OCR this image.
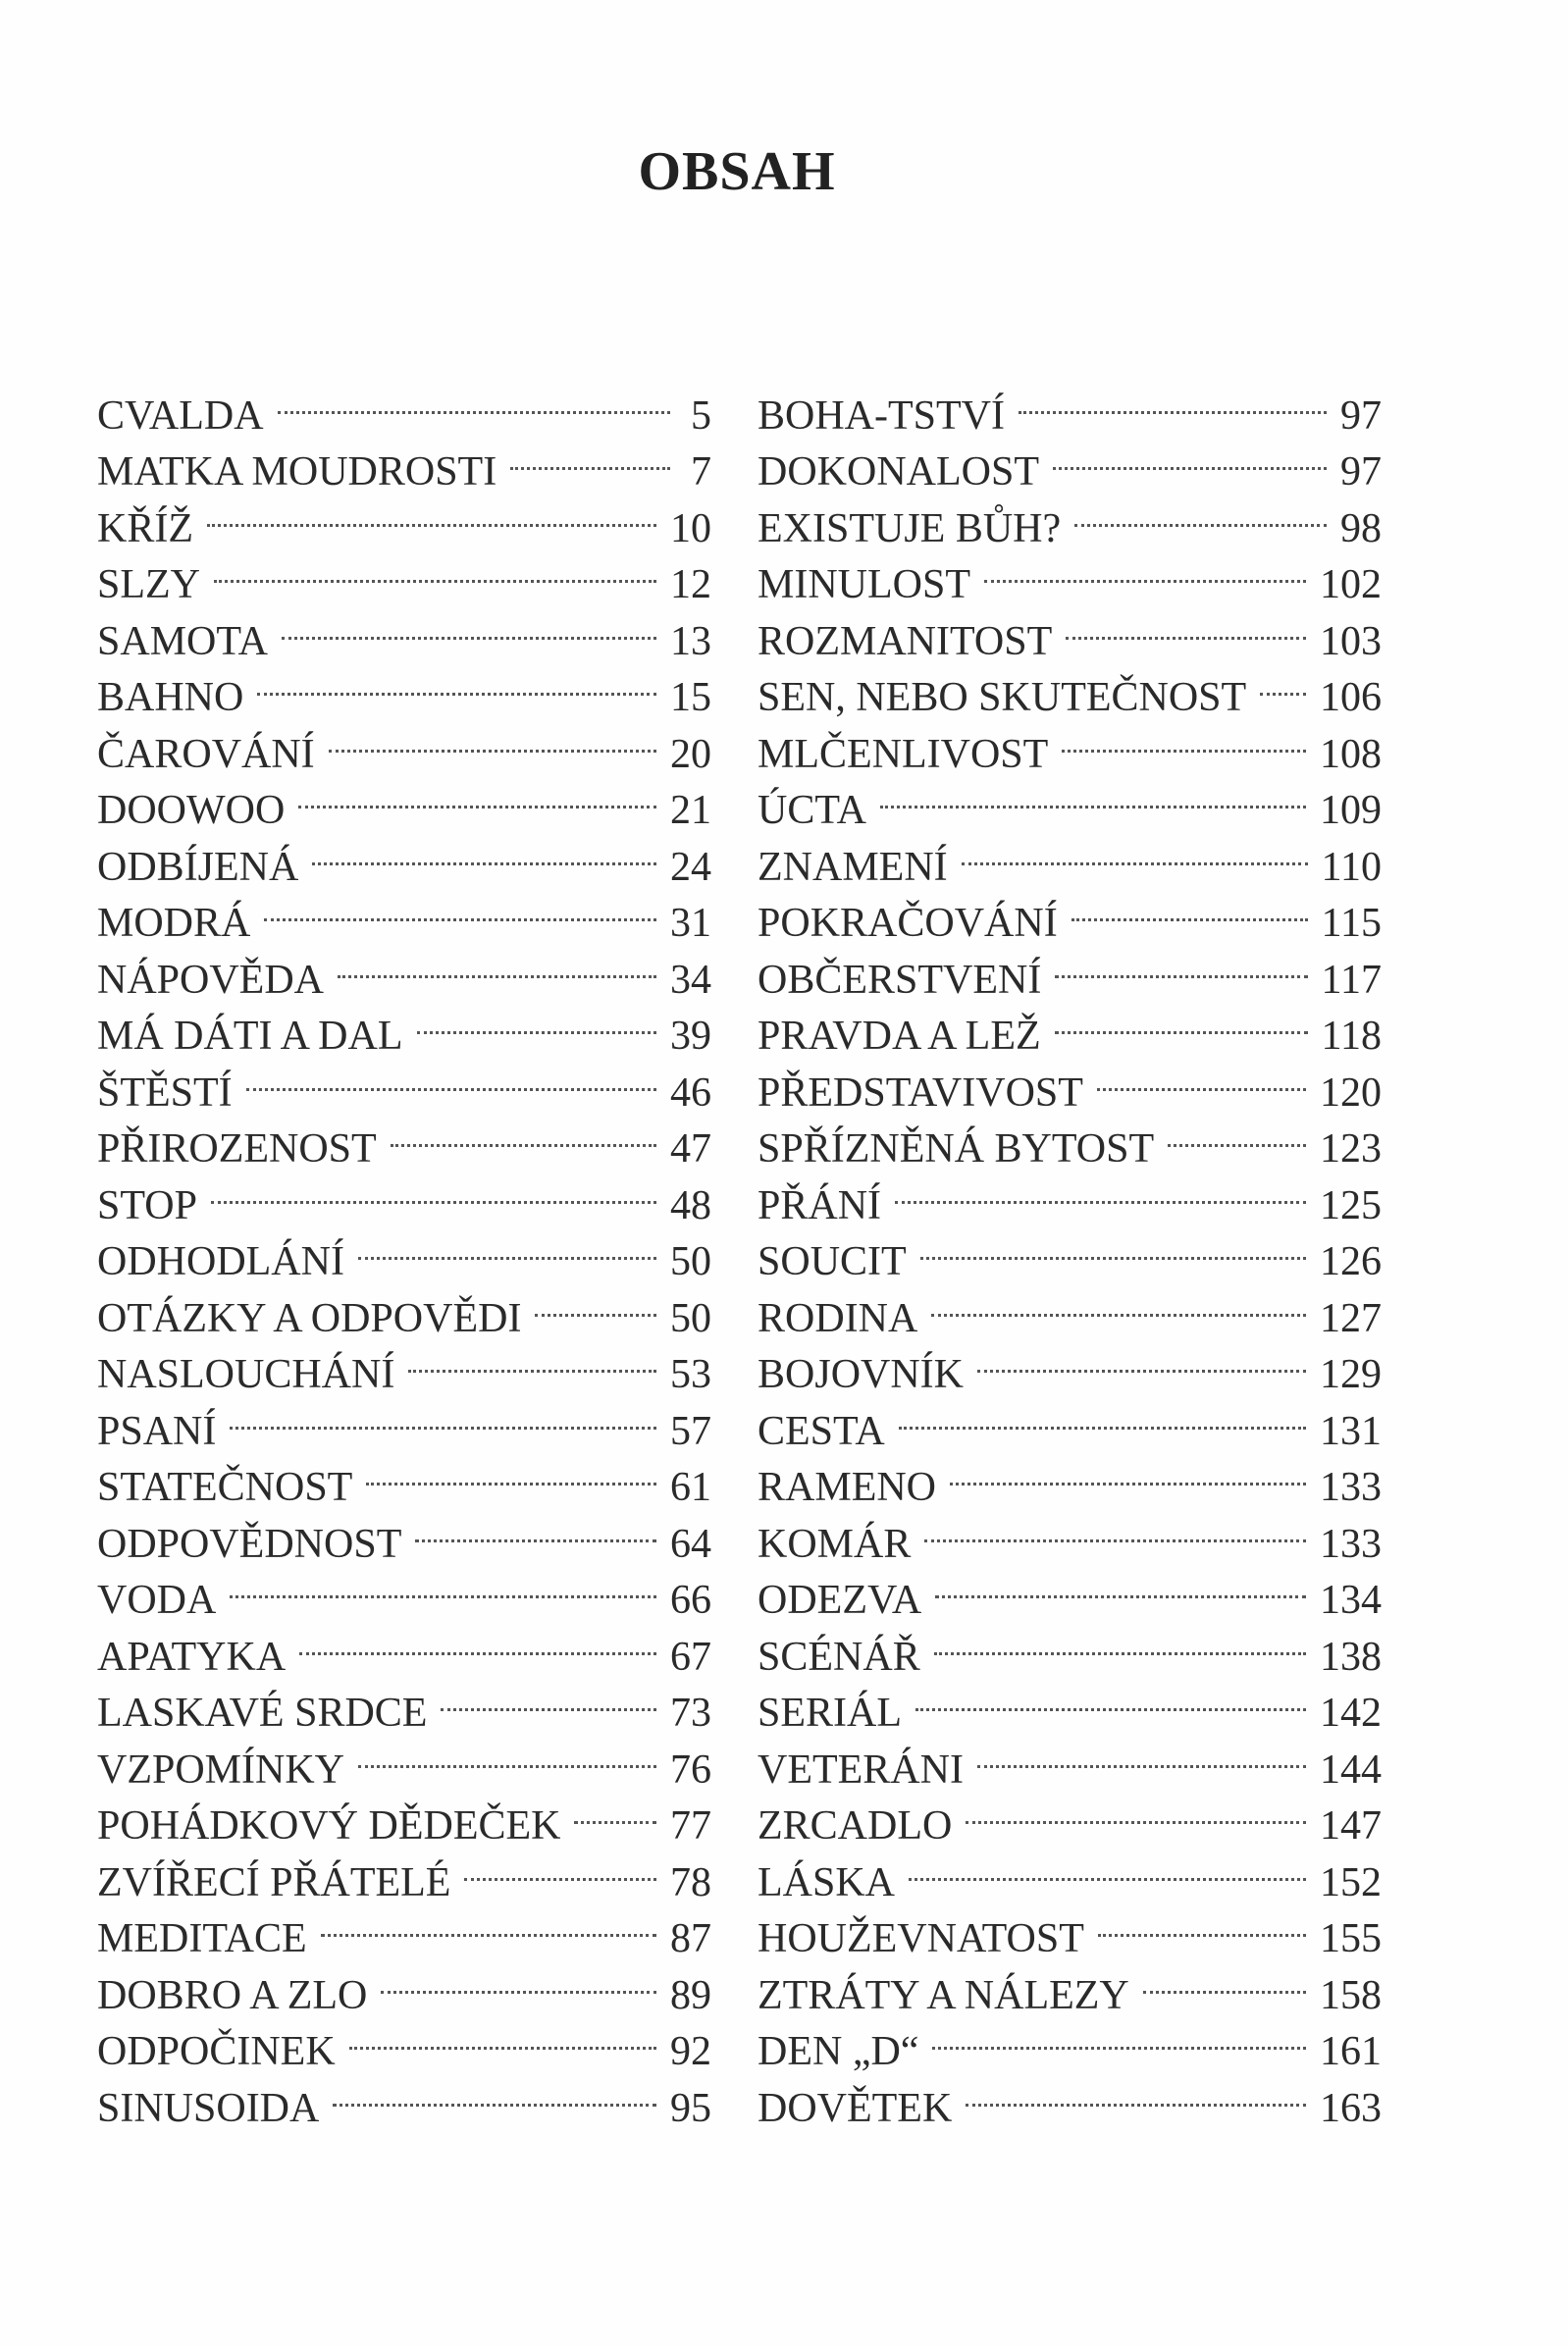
OBSAH
CVALDA	5
MATKA MOUDROSTI	7
KŘÍŽ	10
SLZY	12
SAMOTA	13
BAHNO	15
ČAROVÁNÍ	20
DOOWOO	21
ODBÍJENÁ	24
MODRÁ	31
NÁPOVĚDA	34
MÁ DÁTI A DAL	39
ŠTĚSTÍ	46
PŘIROZENOST	47
STOP	48
ODHODLÁNÍ	50
OTÁZKY A ODPOVĚDI	50
NASLOUCHÁNÍ	53
PSANÍ	57
STATEČNOST	61
ODPOVĚDNOST	64
VODA	66
APATYKA	67
LASKAVÉ SRDCE	73
VZPOMÍNKY	76
POHÁDKOVÝ DĚDEČEK	77
ZVÍŘECÍ PŘÁTELÉ	78
MEDITACE	87
DOBRO A ZLO	89
ODPOČINEK	92
SINUSOIDA	95
BOHA-TSTVÍ	97
DOKONALOST	97
EXISTUJE BŮH?	98
MINULOST	102
ROZMANITOST	103
SEN, NEBO SKUTEČNOST	106
MLČENLIVOST	108
ÚCTA	109
ZNAMENÍ	110
POKRAČOVÁNÍ	115
OBČERSTVENÍ	117
PRAVDA A LEŽ	118
PŘEDSTAVIVOST	120
SPŘÍZNĚNÁ BYTOST	123
PŘÁNÍ	125
SOUCIT	126
RODINA	127
BOJOVNÍK	129
CESTA	131
RAMENO	133
KOMÁR	133
ODEZVA	134
SCÉNÁŘ	138
SERIÁL	142
VETERÁNI	144
ZRCADLO	147
LÁSKA	152
HOUŽEVNATOST	155
ZTRÁTY A NÁLEZY	158
DEN „D“	161
DOVĚTEK	163
